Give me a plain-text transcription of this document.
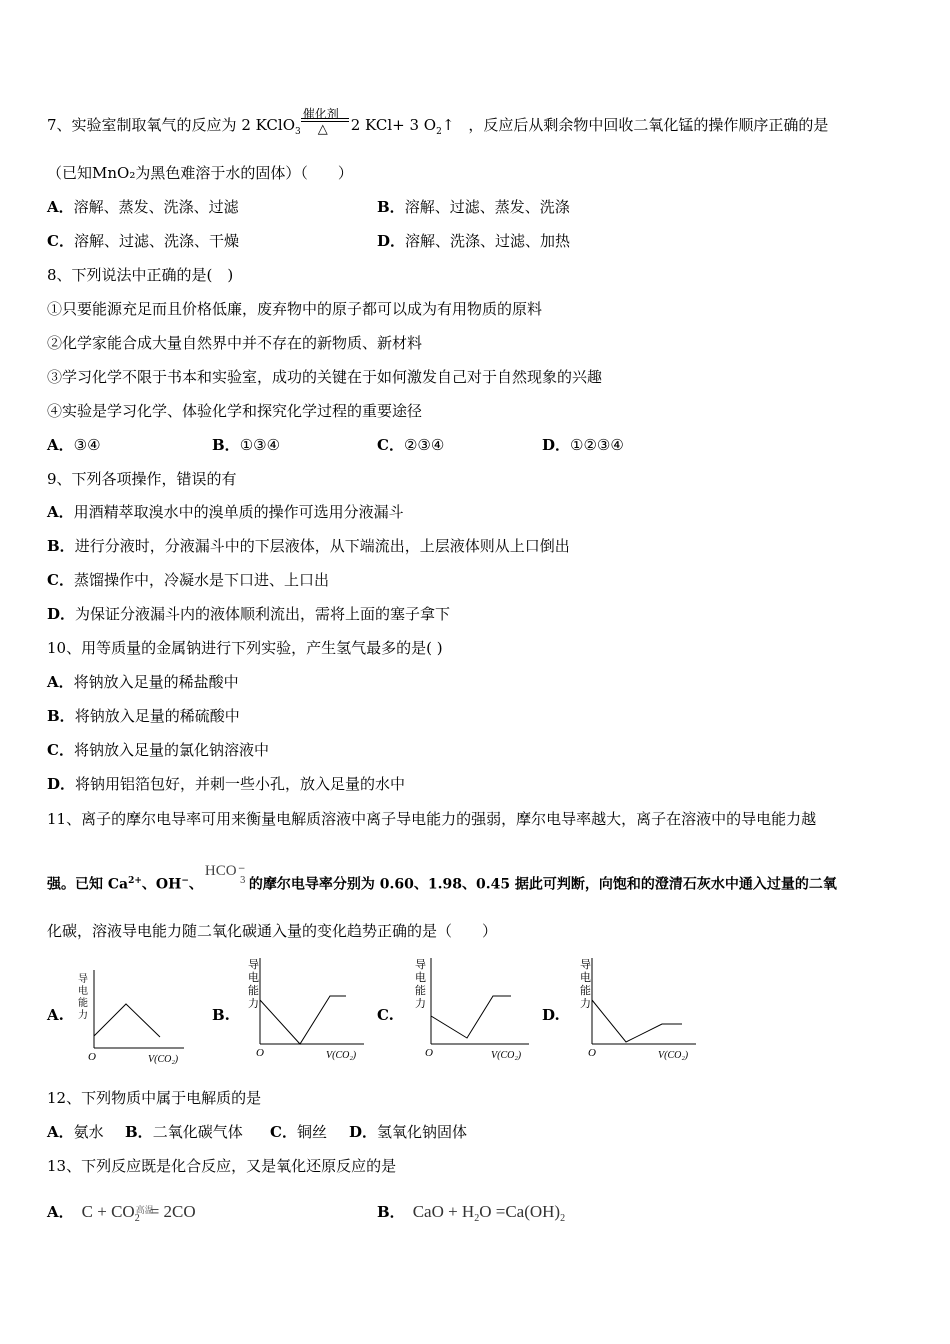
7、实验室制取氧气的反应为 2 KClO$_3$
催化剂
△ 2 KCl+ 3 $O_2↑$ ，反应后从剩余物中回收二氧化锰的操作顺序正确的是
（已知MnO₂为黑色难溶于水的固体）（　　）
A．溶解、蒸发、洗涤、过滤	B．溶解、过滤、蒸发、洗涤
C．溶解、过滤、洗涤、干燥	D．溶解、洗涤、过滤、加热
8、下列说法中正确的是(　)
①只要能源充足而且价格低廉，废弃物中的原子都可以成为有用物质的原料
②化学家能合成大量自然界中并不存在的新物质、新材料
③学习化学不限于书本和实验室，成功的关键在于如何激发自己对于自然现象的兴趣
④实验是学习化学、体验化学和探究化学过程的重要途径
A．③④	B．①③④	C．②③④	D．①②③④
9、下列各项操作，错误的有
A．用酒精萃取溴水中的溴单质的操作可选用分液漏斗
B．进行分液时，分液漏斗中的下层液体，从下端流出，上层液体则从上口倒出
C．蒸馏操作中，冷凝水是下口进、上口出
D．为保证分液漏斗内的液体顺利流出，需将上面的塞子拿下
10、用等质量的金属钠进行下列实验，产生氢气最多的是( )
A．将钠放入足量的稀盐酸中
B．将钠放入足量的稀硫酸中
C．将钠放入足量的氯化钠溶液中
D．将钠用铝箔包好，并刺一些小孔，放入足量的水中
11、离子的摩尔电导率可用来衡量电解质溶液中离子导电能力的强弱，摩尔电导率越大，离子在溶液中的导电能力越
强。已知 $Ca^{2+}$、OH−、
HCO −
3 的摩尔电导率分别为 0.60、1.98、0.45 据此可判断，向饱和的澄清石灰水中通入过量的二氧
化碳，溶液导电能力随二氧化碳通入量的变化趋势正确的是（　　）
A.	B.	C.	D.
导
电
能
力
O	V(CO₂)
导
电
能
力
O	V(CO₂)
导
电
能
力
O	V(CO₂)
导
电
能
力
O	V(CO₂)
12、下列物质中属于电解质的是
A．氨水 B．二氧化碳气体 C．铜丝 D．氢氧化钠固体
13、下列反应既是化合反应，又是氧化还原反应的是
A． $C + CO_2$
高温
= 2CO	B． CaO + $H_2O =Ca(OH)_2$
